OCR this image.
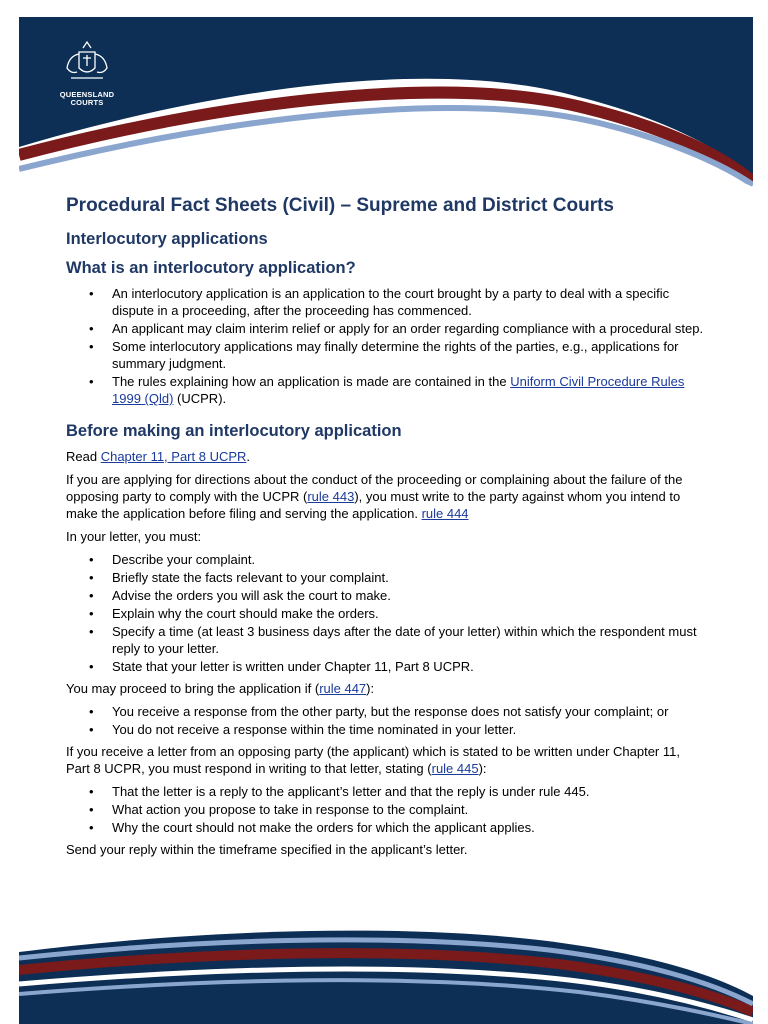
QUEENSLAND
COURTS
Procedural Fact Sheets (Civil) – Supreme and District Courts
Interlocutory applications
What is an interlocutory application?
• An interlocutory application is an application to the court brought by a party to deal with a specific dispute in a proceeding, after the proceeding has commenced.
• An applicant may claim interim relief or apply for an order regarding compliance with a procedural step.
• Some interlocutory applications may finally determine the rights of the parties, e.g., applications for summary judgment.
• The rules explaining how an application is made are contained in the Uniform Civil Procedure Rules 1999 (Qld) (UCPR).
Before making an interlocutory application

Read Chapter 11, Part 8 UCPR.

If you are applying for directions about the conduct of the proceeding or complaining about the failure of the opposing party to comply with the UCPR (rule 443), you must write to the party against whom you intend to make the application before filing and serving the application. rule 444

In your letter, you must:

• Describe your complaint.
• Briefly state the facts relevant to your complaint.
• Advise the orders you will ask the court to make.
• Explain why the court should make the orders.
• Specify a time (at least 3 business days after the date of your letter) within which the respondent must reply to your letter.
• State that your letter is written under Chapter 11, Part 8 UCPR.

You may proceed to bring the application if (rule 447):

• You receive a response from the other party, but the response does not satisfy your complaint; or
• You do not receive a response within the time nominated in your letter.

If you receive a letter from an opposing party (the applicant) which is stated to be written under Chapter 11, Part 8 UCPR, you must respond in writing to that letter, stating (rule 445):

• That the letter is a reply to the applicant’s letter and that the reply is under rule 445.
• What action you propose to take in response to the complaint.
• Why the court should not make the orders for which the applicant applies.

Send your reply within the timeframe specified in the applicant’s letter.
